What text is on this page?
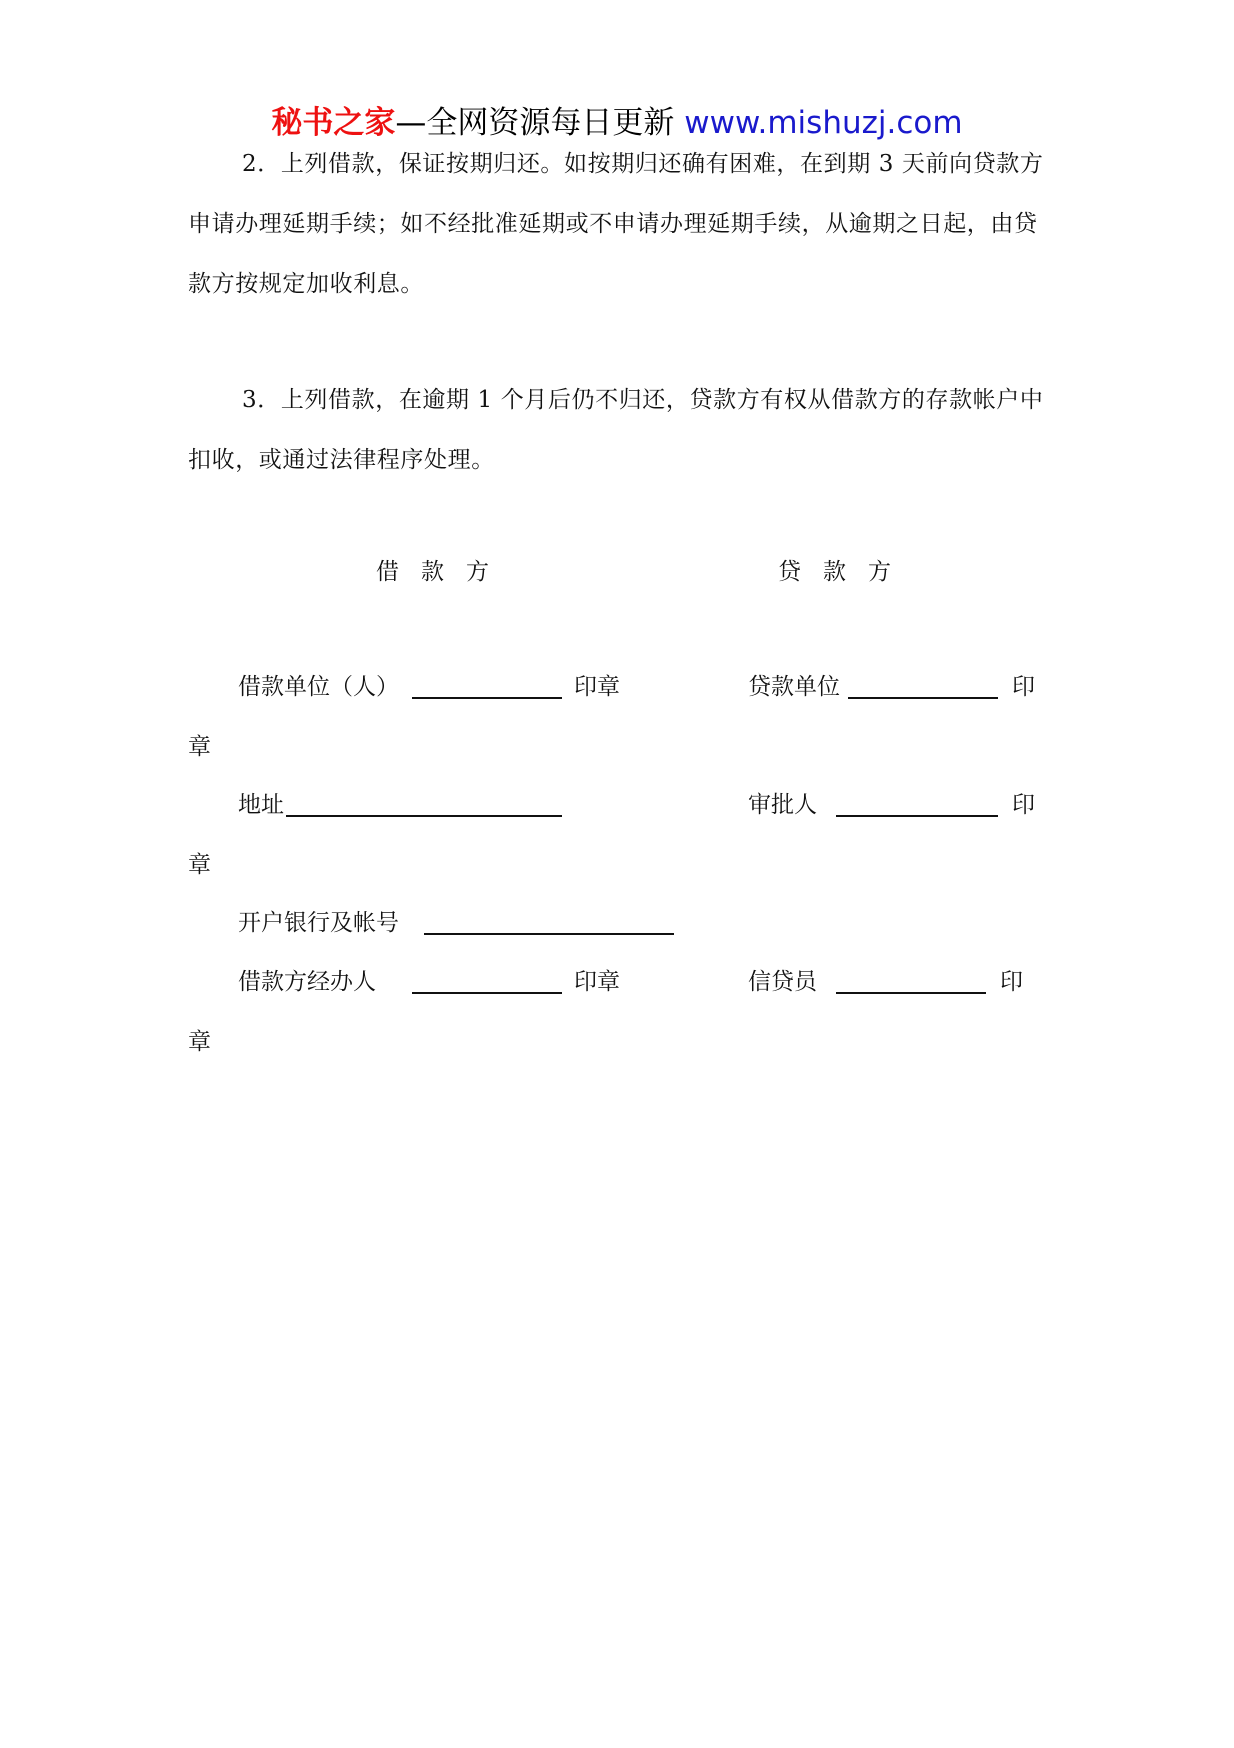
秘书之家—全网资源每日更新 www.mishuzj.com

2．上列借款，保证按期归还。如按期归还确有困难，在到期 3 天前向贷款方申请办理延期手续；如不经批准延期或不申请办理延期手续，从逾期之日起，由贷款方按规定加收利息。

3．上列借款，在逾期 1 个月后仍不归还，贷款方有权从借款方的存款帐户中扣收，或通过法律程序处理。

借款方	贷款方
借款单位（人）	印章	贷款单位	印
章
地址	审批人	印
章
开户银行及帐号
借款方经办人	印章	信贷员	印
章
